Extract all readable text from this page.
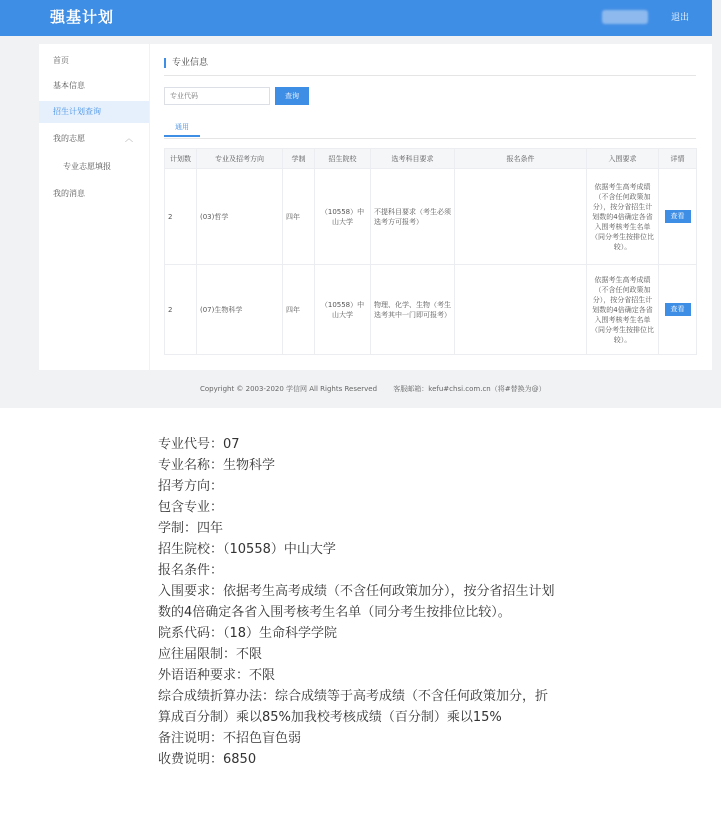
强基计划	退出
首页
基本信息
招生计划查询
我的志愿	︿
专业志愿填报
我的消息
专业信息
专业代码
查询
通用
计划数	专业及招考方向	学制	招生院校	选考科目要求	报名条件	入围要求	详情
2	(03)哲学	四年	（10558）中山大学	不提科目要求（考生必须选考方可报考）		依据考生高考成绩（不含任何政策加分），按分省招生计划数的4倍确定各省入围考核考生名单（同分考生按排位比较）。	查看
2	(07)生物科学	四年	（10558）中山大学	物理、化学、生物（考生选考其中一门即可报考）		依据考生高考成绩（不含任何政策加分），按分省招生计划数的4倍确定各省入围考核考生名单（同分考生按排位比较）。	查看
Copyright © 2003-2020 学信网 All Rights Reserved 客服邮箱：kefu#chsi.com.cn（将#替换为@）
专业代号：07
专业名称：生物科学
招考方向：
包含专业：
学制：四年
招生院校：（10558）中山大学
报名条件：
入围要求：依据考生高考成绩（不含任何政策加分），按分省招生计划数的4倍确定各省入围考核考生名单（同分考生按排位比较）。
院系代码：（18）生命科学学院
应往届限制：不限
外语语种要求：不限
综合成绩折算办法：综合成绩等于高考成绩（不含任何政策加分，折算成百分制）乘以85%加我校考核成绩（百分制）乘以15%
备注说明：不招色盲色弱
收费说明：6850
